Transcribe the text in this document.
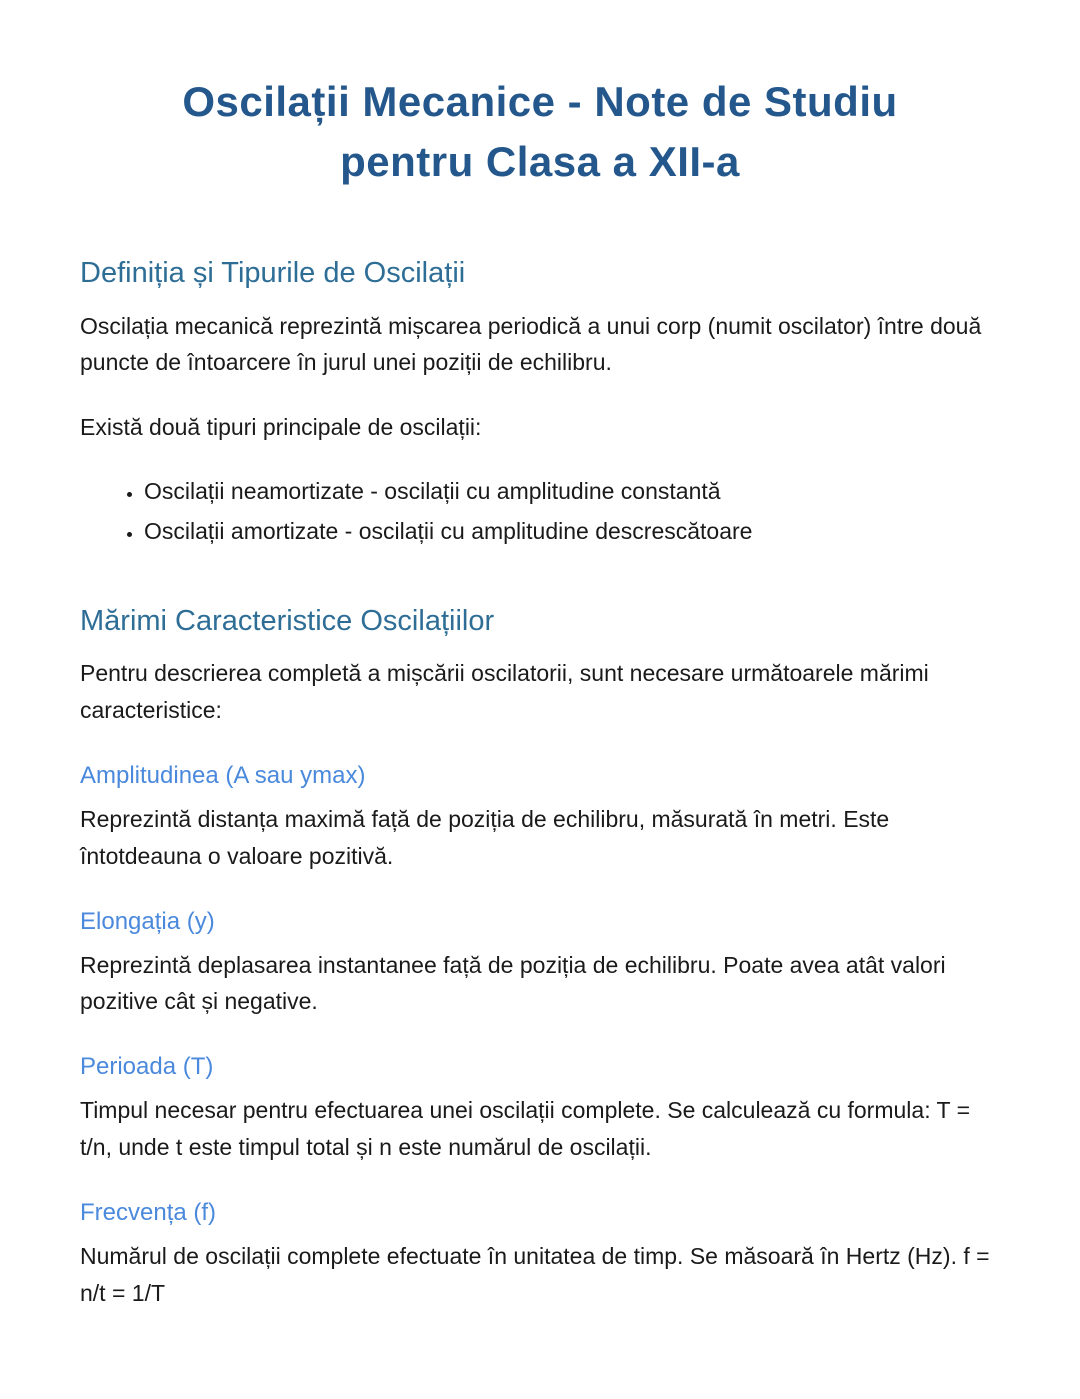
Oscilații Mecanice - Note de Studiu
pentru Clasa a XII-a
Definiția și Tipurile de Oscilații

Oscilația mecanică reprezintă mișcarea periodică a unui corp (numit oscilator) între două puncte de întoarcere în jurul unei poziții de echilibru.

Există două tipuri principale de oscilații:

• Oscilații neamortizate - oscilații cu amplitudine constantă
• Oscilații amortizate - oscilații cu amplitudine descrescătoare
Mărimi Caracteristice Oscilațiilor

Pentru descrierea completă a mișcării oscilatorii, sunt necesare următoarele mărimi caracteristice:

Amplitudinea (A sau ymax)

Reprezintă distanța maximă față de poziția de echilibru, măsurată în metri. Este întotdeauna o valoare pozitivă.

Elongația (y)

Reprezintă deplasarea instantanee față de poziția de echilibru. Poate avea atât valori pozitive cât și negative.

Perioada (T)

Timpul necesar pentru efectuarea unei oscilații complete. Se calculează cu formula: T = t/n, unde t este timpul total și n este numărul de oscilații.

Frecvența (f)

Numărul de oscilații complete efectuate în unitatea de timp. Se măsoară în Hertz (Hz). f = n/t = 1/T
